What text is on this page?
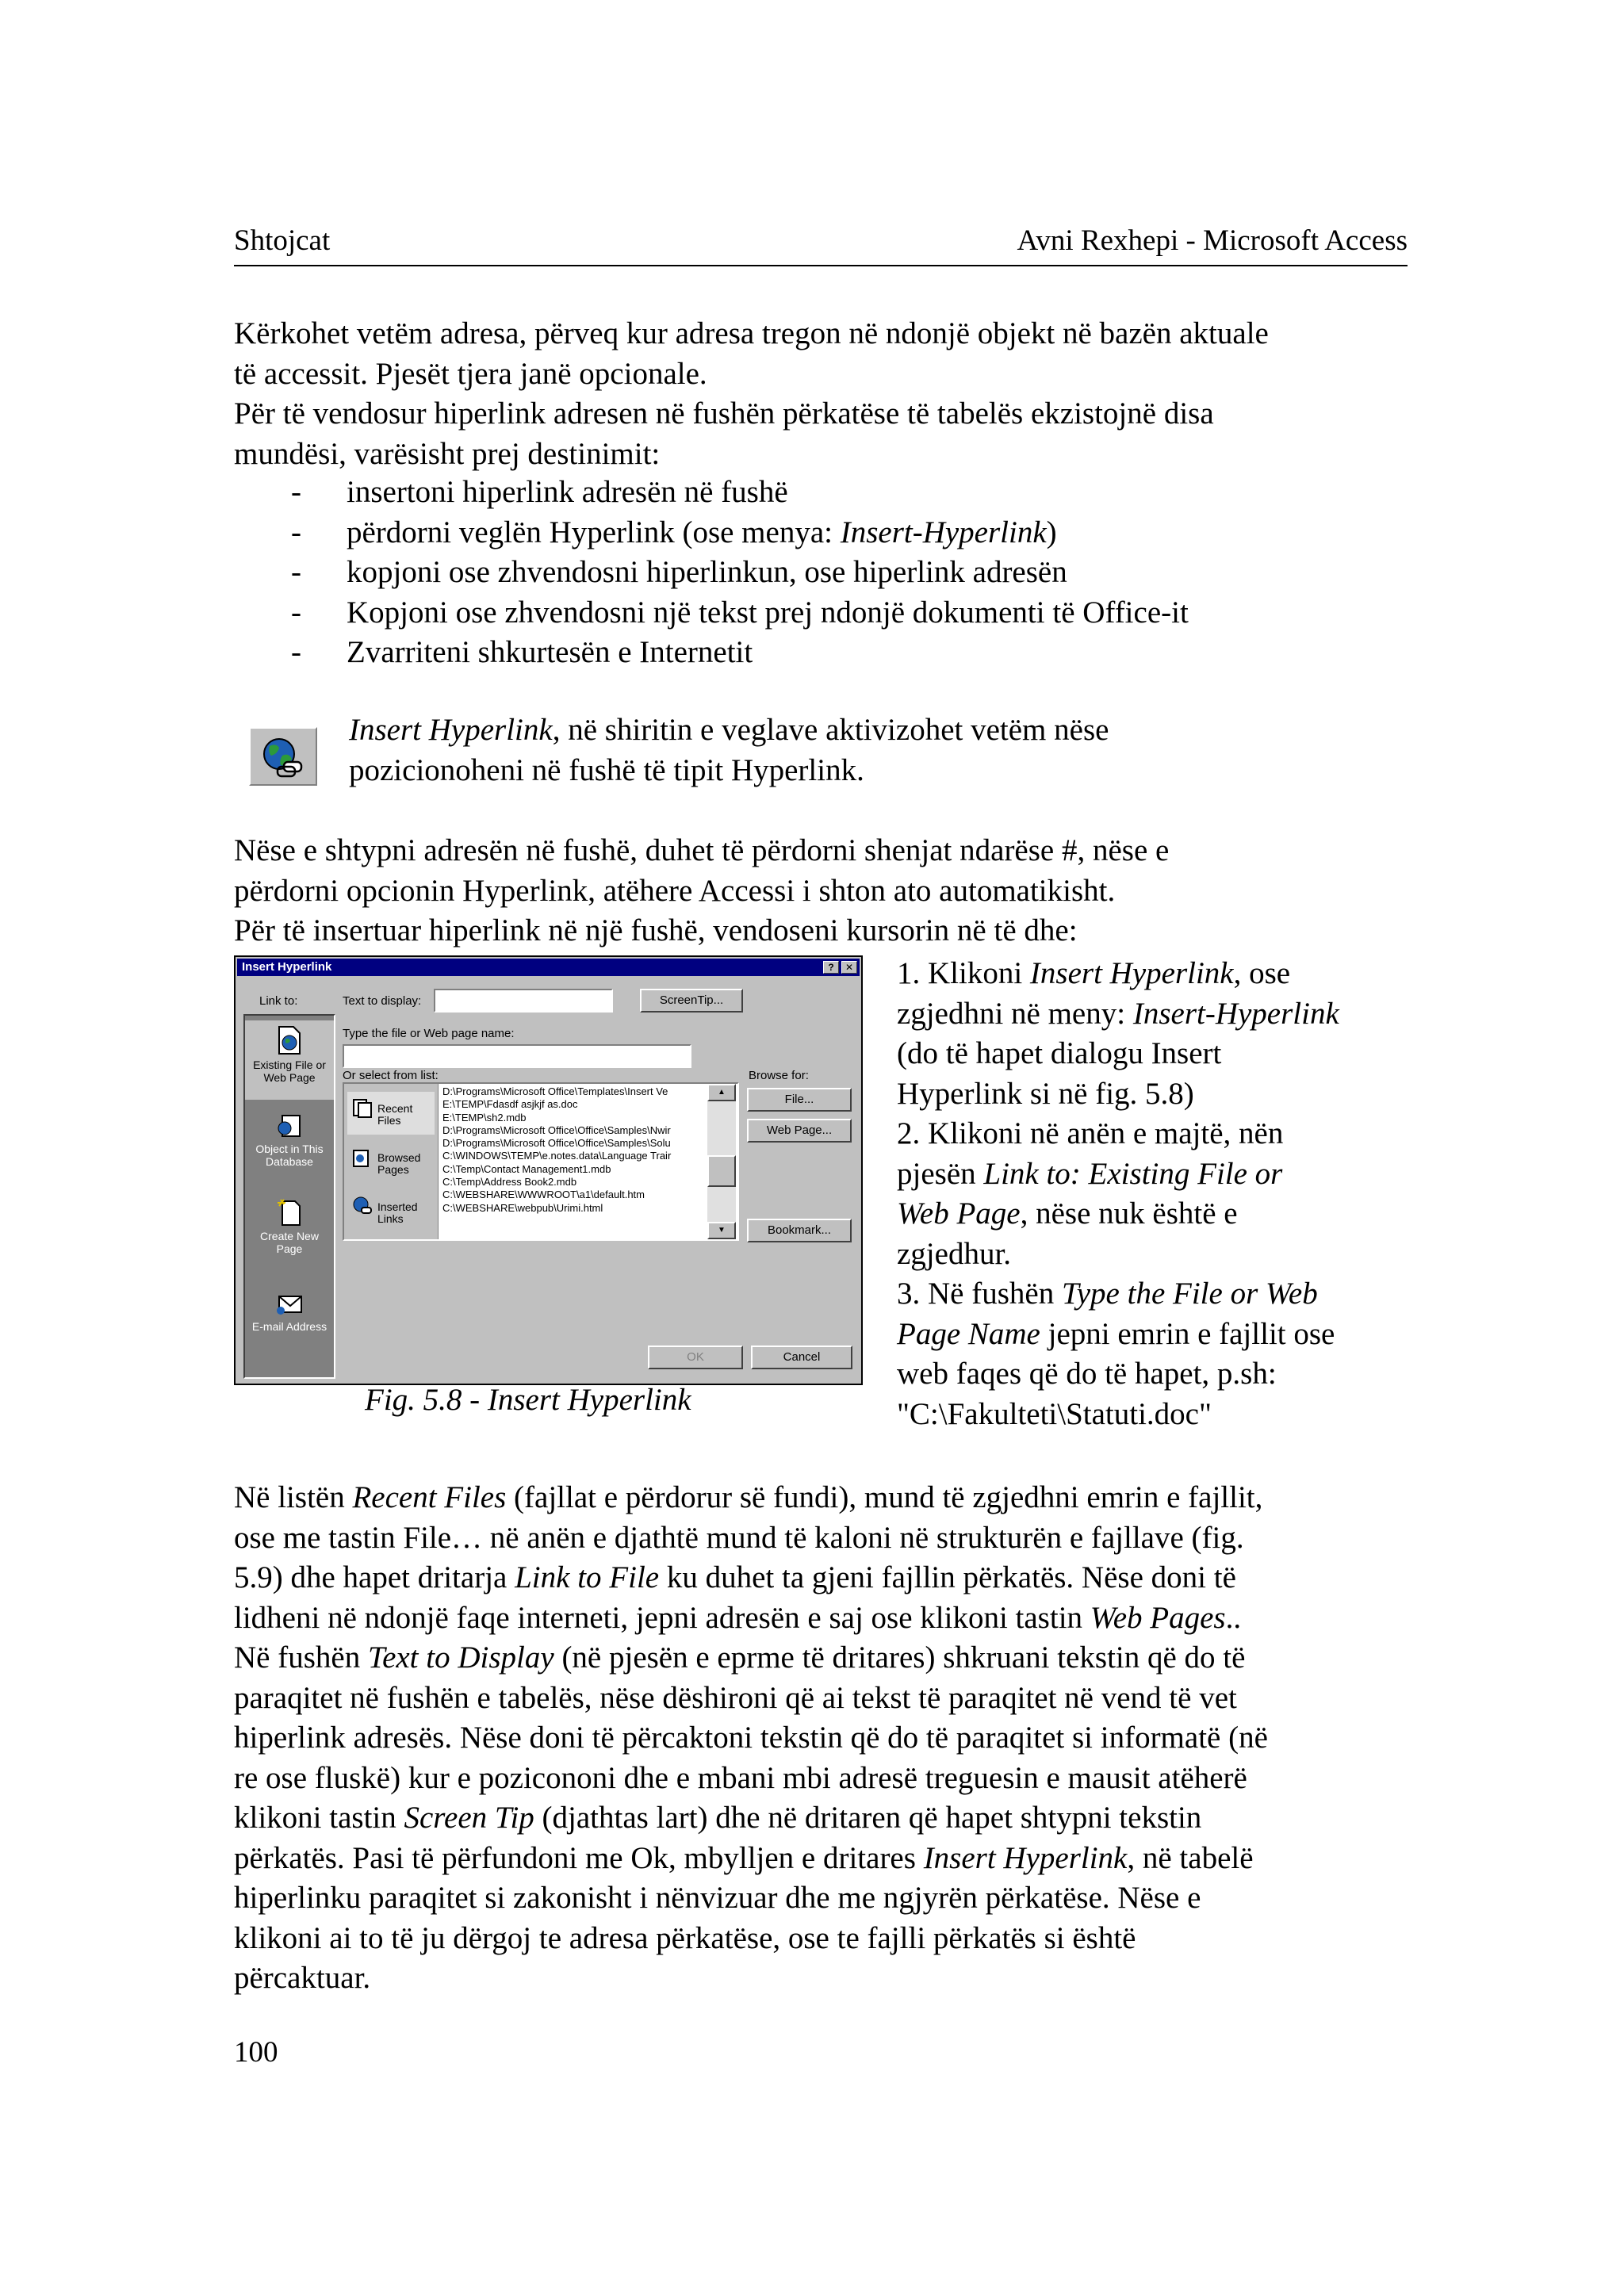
Shtojcat	Avni Rexhepi - Microsoft Access

Kërkohet vetëm adresa, përveq kur adresa tregon në ndonjë objekt në bazën aktuale
të accessit. Pjesët tjera janë opcionale.
Për të vendosur hiperlink adresen në fushën përkatëse të tabelës ekzistojnë disa
mundësi, varësisht prej destinimit:

- insertoni hiperlink adresën në fushë
- përdorni veglën Hyperlink (ose menya: Insert-Hyperlink)
- kopjoni ose zhvendosni hiperlinkun, ose hiperlink adresën
- Kopjoni ose zhvendosni një tekst prej ndonjë dokumenti të Office-it
- Zvarriteni shkurtesën e Internetit

Insert Hyperlink, në shiritin e veglave aktivizohet vetëm nëse
pozicionoheni në fushë të tipit Hyperlink.

Nëse e shtypni adresën në fushë, duhet të përdorni shenjat ndarëse #, nëse e
përdorni opcionin Hyperlink, atëhere Accessi i shton ato automatikisht.
Për të insertuar hiperlink në një fushë, vendoseni kursorin në të dhe:

Insert Hyperlink	?	✕
Link to:
Existing File or
Web Page
Object in This
Database
Create New
Page
E-mail Address
Text to display:	ScreenTip...
Type the file or Web page name:
Or select from list:	Browse for:
Recent
Files
Browsed
Pages
Inserted
Links
D:\Programs\Microsoft Office\Templates\Insert Ve
E:\TEMP\Fdasdf asjkjf as.doc
E:\TEMP\sh2.mdb
D:\Programs\Microsoft Office\Office\Samples\Nwir
D:\Programs\Microsoft Office\Office\Samples\Solu
C:\WINDOWS\TEMP\e.notes.data\Language Trair
C:\Temp\Contact Management1.mdb
C:\Temp\Address Book2.mdb
C:\WEBSHARE\WWWROOT\a1\default.htm
C:\WEBSHARE\webpub\Urimi.html
▲
▼
File...
Web Page...
Bookmark...
OK	Cancel

Fig. 5.8 - Insert Hyperlink

1. Klikoni Insert Hyperlink, ose
zgjedhni në meny: Insert-Hyperlink
(do të hapet dialogu Insert
Hyperlink si në fig. 5.8)
2. Klikoni në anën e majtë, nën
pjesën Link to: Existing File or
Web Page, nëse nuk është e
zgjedhur.
3. Në fushën Type the File or Web
Page Name jepni emrin e fajllit ose
web faqes që do të hapet, p.sh:
"C:\Fakulteti\Statuti.doc"

Në listën Recent Files (fajllat e përdorur së fundi), mund të zgjedhni emrin e fajllit,
ose me tastin File… në anën e djathtë mund të kaloni në strukturën e fajllave (fig.
5.9) dhe hapet dritarja Link to File ku duhet ta gjeni fajllin përkatës. Nëse doni të
lidheni në ndonjë faqe interneti, jepni adresën e saj ose klikoni tastin Web Pages..
Në fushën Text to Display (në pjesën e eprme të dritares) shkruani tekstin që do të
paraqitet në fushën e tabelës, nëse dëshironi që ai tekst të paraqitet në vend të vet
hiperlink adresës. Nëse doni të përcaktoni tekstin që do të paraqitet si informatë (në
re ose fluskë) kur e pozicononi dhe e mbani mbi adresë treguesin e mausit atëherë
klikoni tastin Screen Tip (djathtas lart) dhe në dritaren që hapet shtypni tekstin
përkatës. Pasi të përfundoni me Ok, mbylljen e dritares Insert Hyperlink, në tabelë
hiperlinku paraqitet si zakonisht i nënvizuar dhe me ngjyrën përkatëse. Nëse e
klikoni ai to të ju dërgoj te adresa përkatëse, ose te fajlli përkatës si është
përcaktuar.

100
